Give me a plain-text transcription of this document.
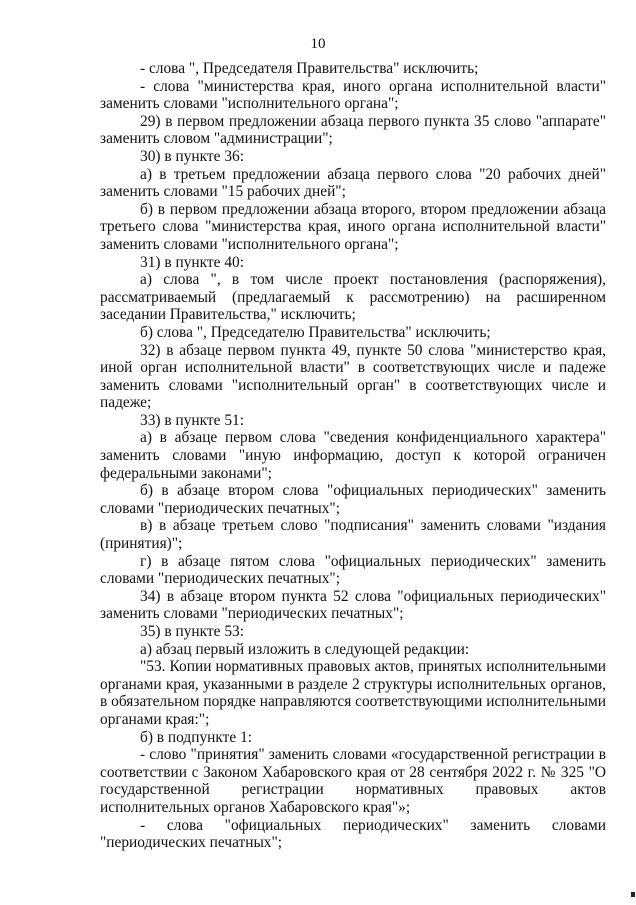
10

- слова ", Председателя Правительства" исключить;

- слова "министерства края, иного органа исполнительной власти" заменить словами "исполнительного органа";

29) в первом предложении абзаца первого пункта 35 слово "аппарате" заменить словом "администрации";

30) в пункте 36:

а) в третьем предложении абзаца первого слова "20 рабочих дней" заменить словами "15 рабочих дней";

б) в первом предложении абзаца второго, втором предложении абзаца третьего слова "министерства края, иного органа исполнительной власти" заменить словами "исполнительного органа";

31) в пункте 40:

а) слова ", в том числе проект постановления (распоряжения), рассматриваемый (предлагаемый к рассмотрению) на расширенном заседании Правительства," исключить;

б) слова ", Председателю Правительства" исключить;

32) в абзаце первом пункта 49, пункте 50 слова "министерство края, иной орган исполнительной власти" в соответствующих числе и падеже заменить словами "исполнительный орган" в соответствующих числе и падеже;

33) в пункте 51:

а) в абзаце первом слова "сведения конфиденциального характера" заменить словами "иную информацию, доступ к которой ограничен федеральными законами";

б) в абзаце втором слова "официальных периодических" заменить словами "периодических печатных";

в) в абзаце третьем слово "подписания" заменить словами "издания (принятия)";

г) в абзаце пятом слова "официальных периодических" заменить словами "периодических печатных";

34) в абзаце втором пункта 52 слова "официальных периодических" заменить словами "периодических печатных";

35) в пункте 53:

а) абзац первый изложить в следующей редакции:

"53. Копии нормативных правовых актов, принятых исполнительными органами края, указанными в разделе 2 структуры исполнительных органов, в обязательном порядке направляются соответствующими исполнительными органами края:";

б) в подпункте 1:

- слово "принятия" заменить словами «государственной регистрации в соответствии с Законом Хабаровского края от 28 сентября 2022 г. № 325 "О государственной регистрации нормативных правовых актов исполнительных органов Хабаровского края"»;

- слова "официальных периодических" заменить словами "периодических печатных";
